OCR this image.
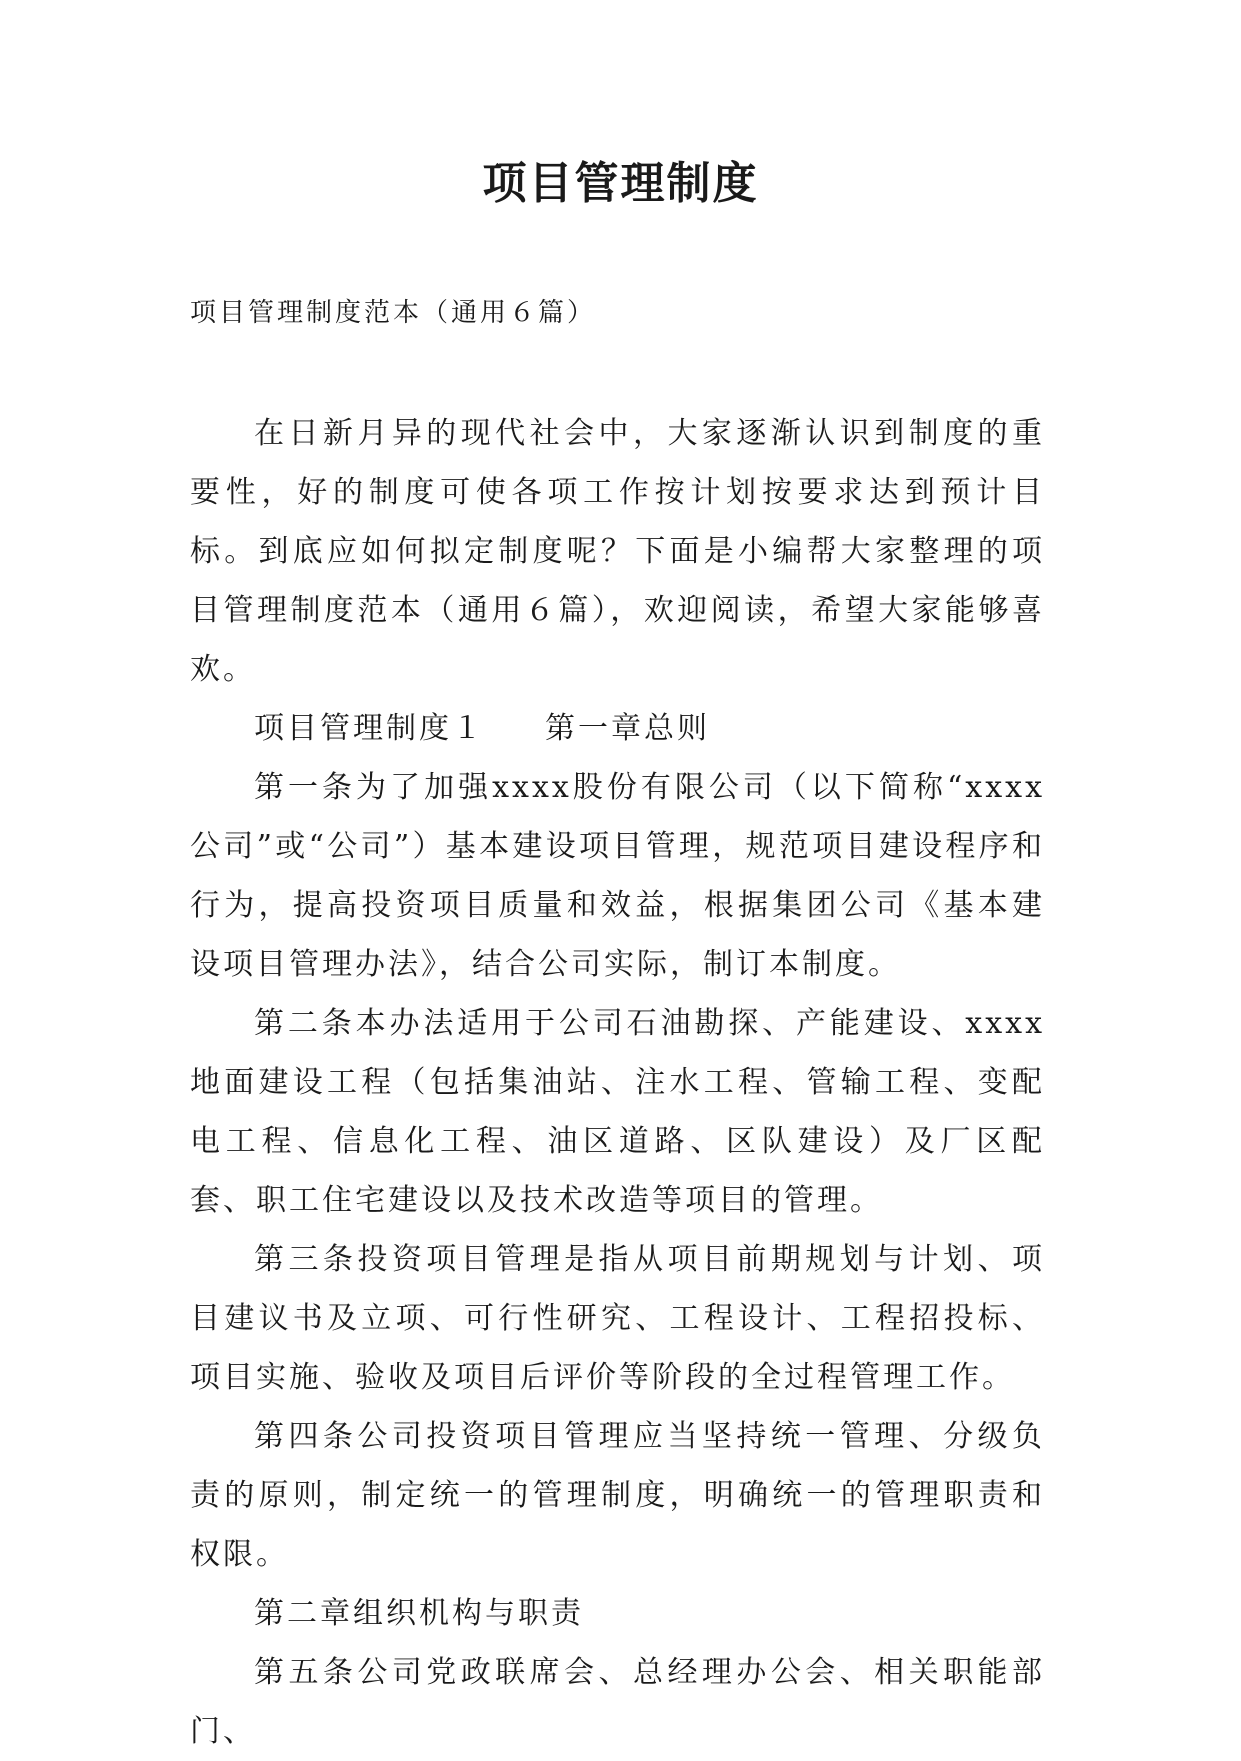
项目管理制度

项目管理制度范本（通用６篇）

在日新月异的现代社会中，大家逐渐认识到制度的重要性，好的制度可使各项工作按计划按要求达到预计目标。到底应如何拟定制度呢？下面是小编帮大家整理的项目管理制度范本（通用６篇），欢迎阅读，希望大家能够喜欢。

项目管理制度１ 第一章总则

第一条为了加强xxxx股份有限公司（以下简称“xxxx公司”或“公司”）基本建设项目管理，规范项目建设程序和行为，提高投资项目质量和效益，根据集团公司《基本建设项目管理办法》，结合公司实际，制订本制度。

第二条本办法适用于公司石油勘探、产能建设、xxxx地面建设工程（包括集油站、注水工程、管输工程、变配电工程、信息化工程、油区道路、区队建设）及厂区配套、职工住宅建设以及技术改造等项目的管理。

第三条投资项目管理是指从项目前期规划与计划、项目建议书及立项、可行性研究、工程设计、工程招投标、项目实施、验收及项目后评价等阶段的全过程管理工作。

第四条公司投资项目管理应当坚持统一管理、分级负责的原则，制定统一的管理制度，明确统一的管理职责和权限。

第二章组织机构与职责

第五条公司党政联席会、总经理办公会、相关职能部门、
